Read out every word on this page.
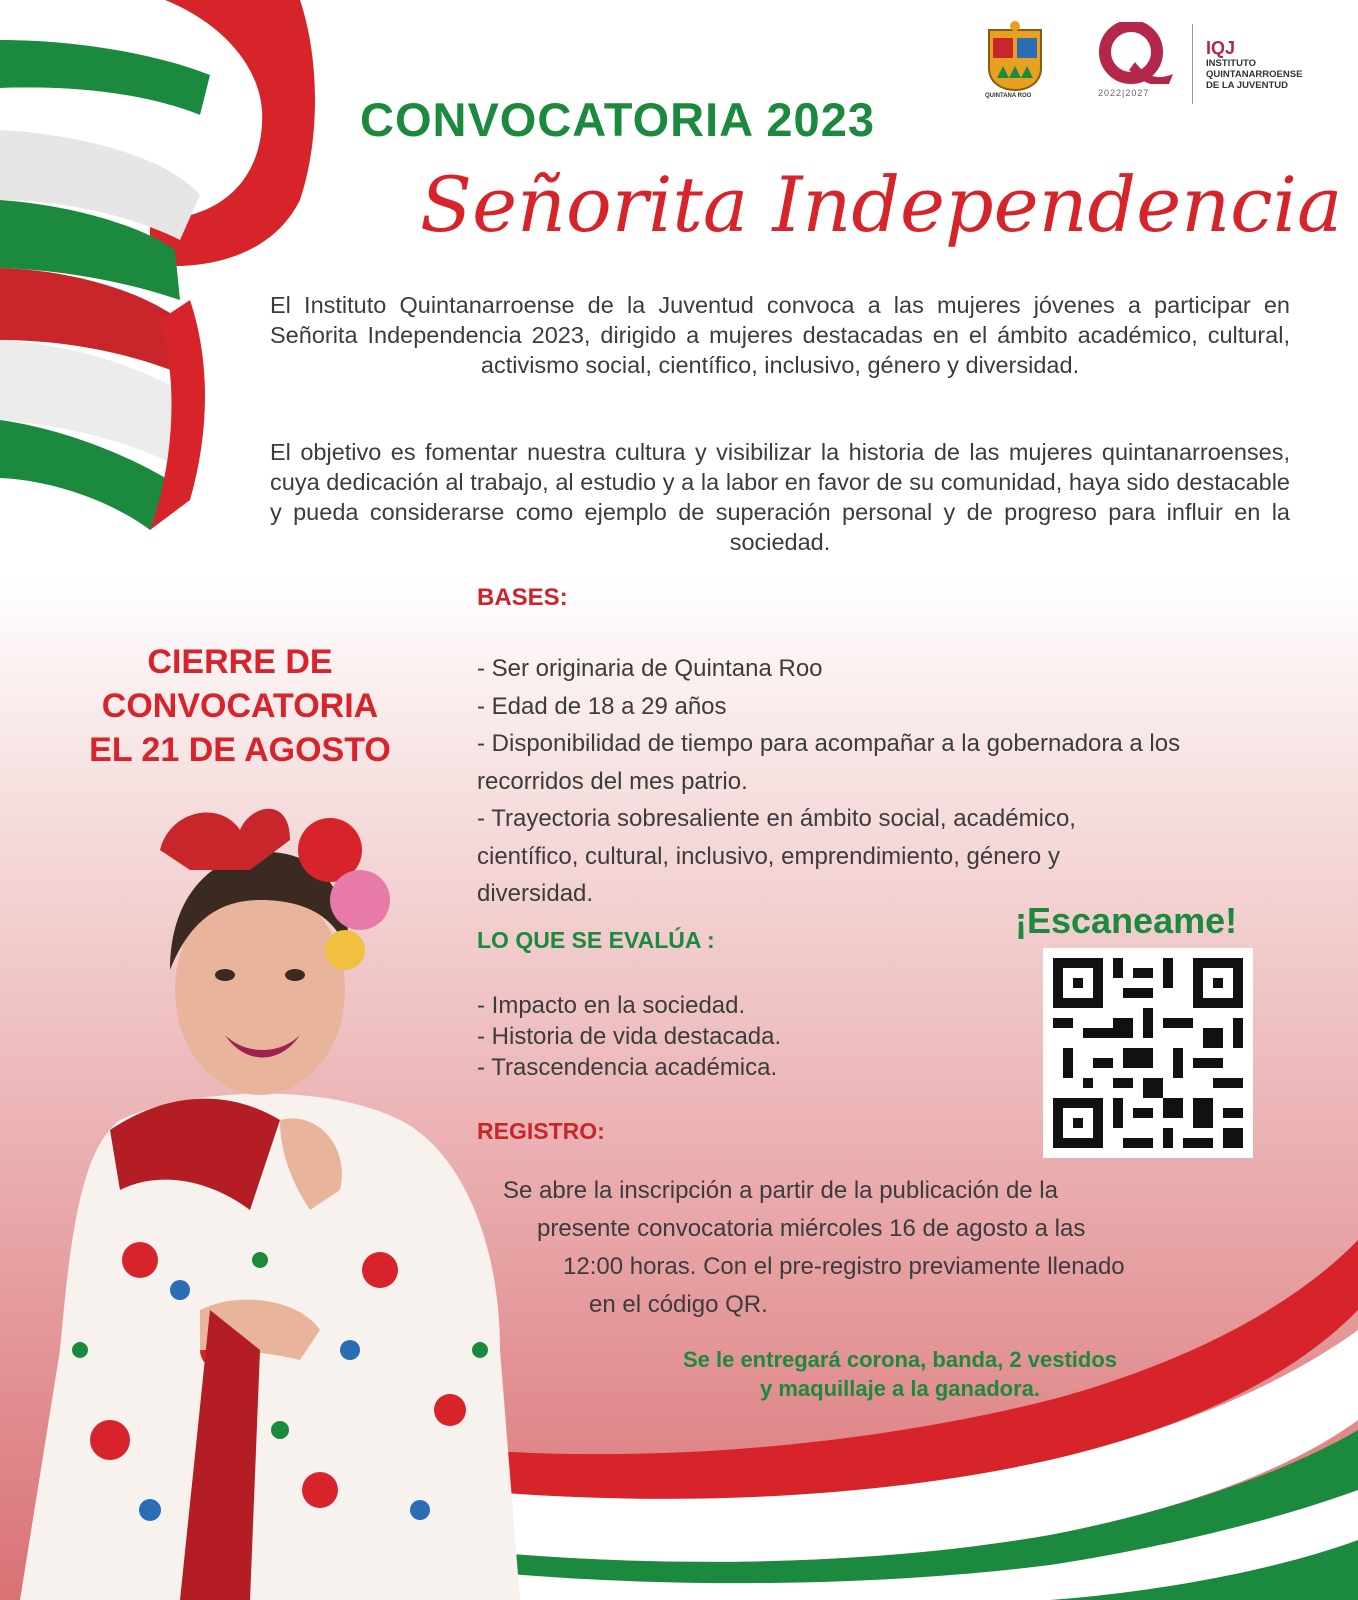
QUINTANA ROO	2022|2027
IQJ
INSTITUTO
QUINTANARROENSE
DE LA JUVENTUD
CONVOCATORIA 2023
Señorita Independencia
El Instituto Quintanarroense de la Juventud convoca a las mujeres jóvenes a participar en Señorita Independencia 2023, dirigido a mujeres destacadas en el ámbito académico, cultural, activismo social, científico, inclusivo, género y diversidad.
El objetivo es fomentar nuestra cultura y visibilizar la historia de las mujeres quintanarroenses, cuya dedicación al trabajo, al estudio y a la labor en favor de su comunidad, haya sido destacable y pueda considerarse como ejemplo de superación personal y de progreso para influir en la sociedad.
BASES:
- Ser originaria de Quintana Roo
- Edad de 18 a 29 años
- Disponibilidad de tiempo para acompañar a la gobernadora a los recorridos del mes patrio.
- Trayectoria sobresaliente en ámbito social, académico, científico, cultural, inclusivo, emprendimiento, género y diversidad.
CIERRE DE
CONVOCATORIA
EL 21 DE AGOSTO
LO QUE SE EVALÚA :
- Impacto en la sociedad.
- Historia de vida destacada.
- Trascendencia académica.
¡Escaneame!
REGISTRO:
Se abre la inscripción a partir de la publicación de la
presente convocatoria miércoles 16 de agosto a las
12:00 horas. Con el pre-registro previamente llenado
en el código QR.
Se le entregará corona, banda, 2 vestidos y maquillaje a la ganadora.
